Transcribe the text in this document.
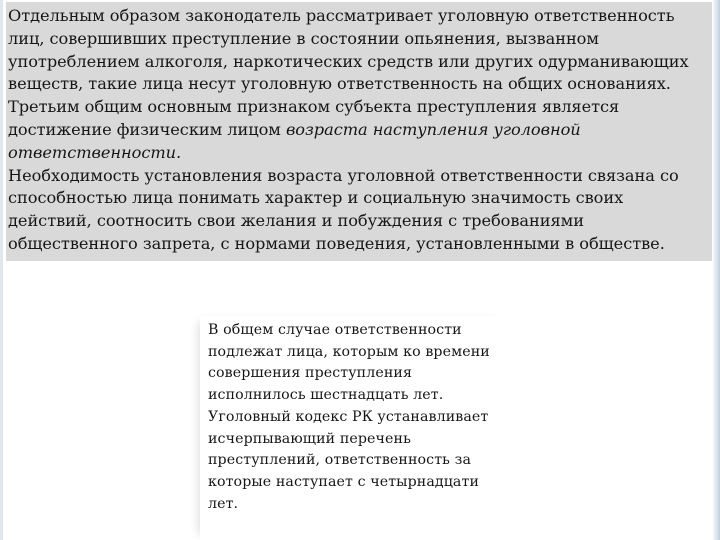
Отдельным образом законодатель рассматривает уголовную ответственность лиц, совершивших преступление в состоянии опьянения, вызванном употреблением алкоголя, наркотических средств или других одурманивающих веществ, такие лица несут уголовную ответственность на общих основаниях.

Третьим общим основным признаком субъекта преступления является достижение физическим лицом возраста наступления уголовной ответственности.

Необходимость установления возраста уголовной ответственности связана со способностью лица понимать характер и социальную значимость своих действий, соотносить свои желания и побуждения с требованиями общественного запрета, с нормами поведения, установленными в обществе.

В общем случае ответственности подлежат лица, которым ко времени совершения преступления исполнилось шестнадцать лет. Уголовный кодекс РК устанавливает исчерпывающий перечень преступлений, ответственность за которые наступает с четырнадцати лет.
